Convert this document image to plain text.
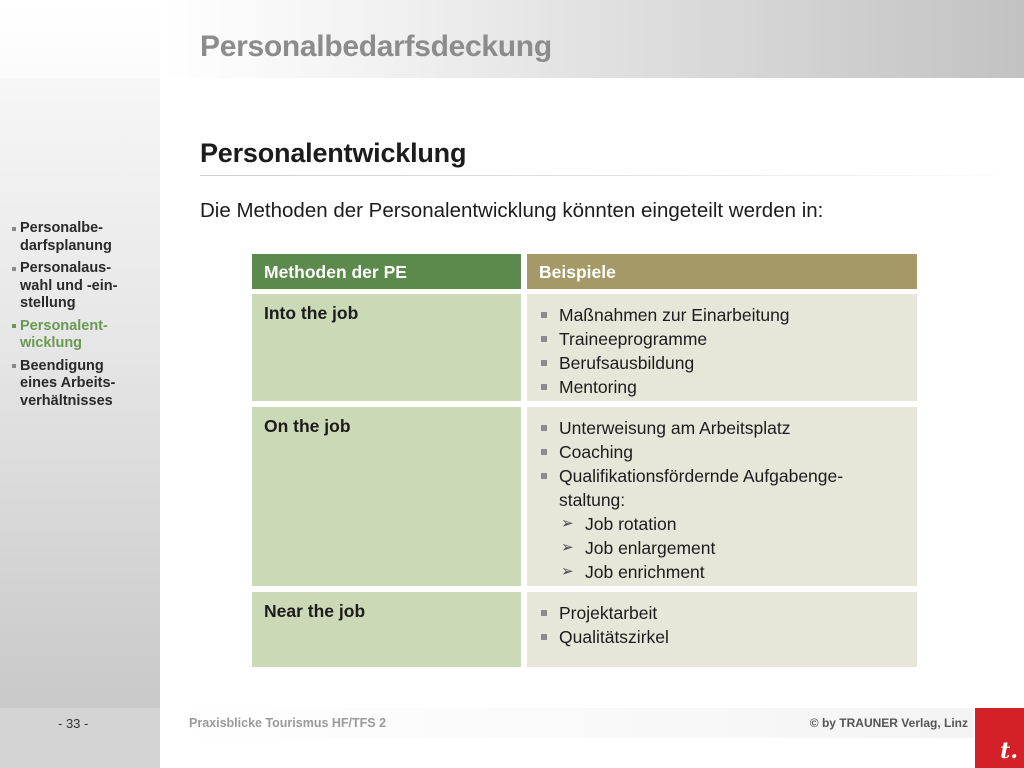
Personalbedarfsdeckung
Personalbe-
darfsplanung
Personalaus-
wahl und -ein-
stellung
Personalent-
wicklung
Beendigung
eines Arbeits-
verhältnisses
Personalentwicklung
Die Methoden der Personalentwicklung könnten eingeteilt werden in:
Methoden der PE	Beispiele
Into the job	Maßnahmen zur Einarbeitung
Traineeprogramme
Berufsausbildung
Mentoring
On the job	Unterweisung am Arbeitsplatz
Coaching
Qualifikationsfördernde Aufgabenge-
staltung:
➢ Job rotation
➢ Job enlargement
➢ Job enrichment
Near the job	Projektarbeit
Qualitätszirkel
- 33 -	Praxisblicke Tourismus HF/TFS 2	© by TRAUNER Verlag, Linz
t.
